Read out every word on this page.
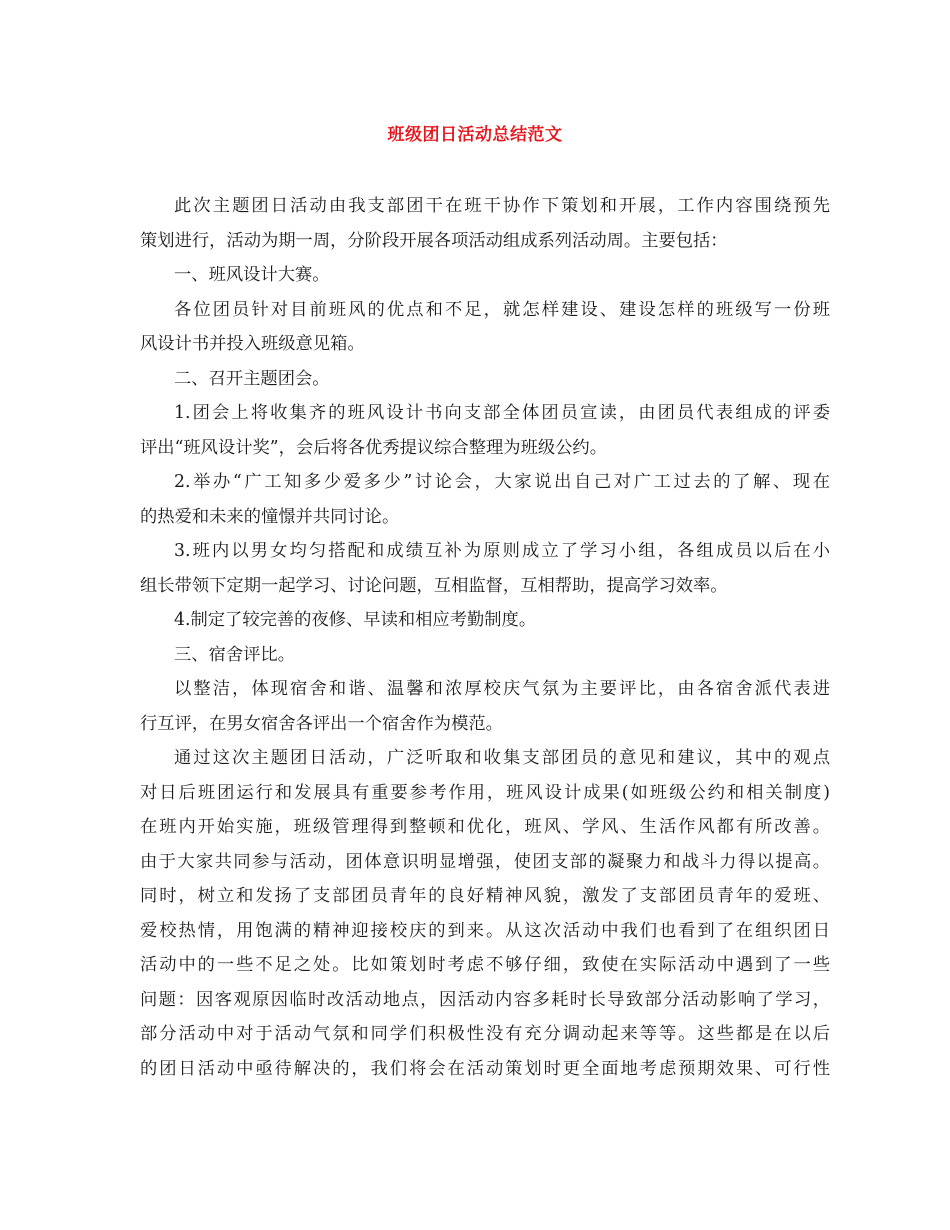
班级团日活动总结范文
此次主题团日活动由我支部团干在班干协作下策划和开展，工作内容围绕预先
策划进行，活动为期一周，分阶段开展各项活动组成系列活动周。主要包括：
一、班风设计大赛。
各位团员针对目前班风的优点和不足，就怎样建设、建设怎样的班级写一份班
风设计书并投入班级意见箱。
二、召开主题团会。
1.团会上将收集齐的班风设计书向支部全体团员宣读，由团员代表组成的评委
评出“班风设计奖”，会后将各优秀提议综合整理为班级公约。
2.举办“广工知多少爱多少”讨论会，大家说出自己对广工过去的了解、现在
的热爱和未来的憧憬并共同讨论。
3.班内以男女均匀搭配和成绩互补为原则成立了学习小组，各组成员以后在小
组长带领下定期一起学习、讨论问题，互相监督，互相帮助，提高学习效率。
4.制定了较完善的夜修、早读和相应考勤制度。
三、宿舍评比。
以整洁，体现宿舍和谐、温馨和浓厚校庆气氛为主要评比，由各宿舍派代表进
行互评，在男女宿舍各评出一个宿舍作为模范。
通过这次主题团日活动，广泛听取和收集支部团员的意见和建议，其中的观点
对日后班团运行和发展具有重要参考作用，班风设计成果(如班级公约和相关制度)
在班内开始实施，班级管理得到整顿和优化，班风、学风、生活作风都有所改善。
由于大家共同参与活动，团体意识明显增强，使团支部的凝聚力和战斗力得以提高。
同时，树立和发扬了支部团员青年的良好精神风貌，激发了支部团员青年的爱班、
爱校热情，用饱满的精神迎接校庆的到来。从这次活动中我们也看到了在组织团日
活动中的一些不足之处。比如策划时考虑不够仔细，致使在实际活动中遇到了一些
问题：因客观原因临时改活动地点，因活动内容多耗时长导致部分活动影响了学习，
部分活动中对于活动气氛和同学们积极性没有充分调动起来等等。这些都是在以后
的团日活动中亟待解决的，我们将会在活动策划时更全面地考虑预期效果、可行性
